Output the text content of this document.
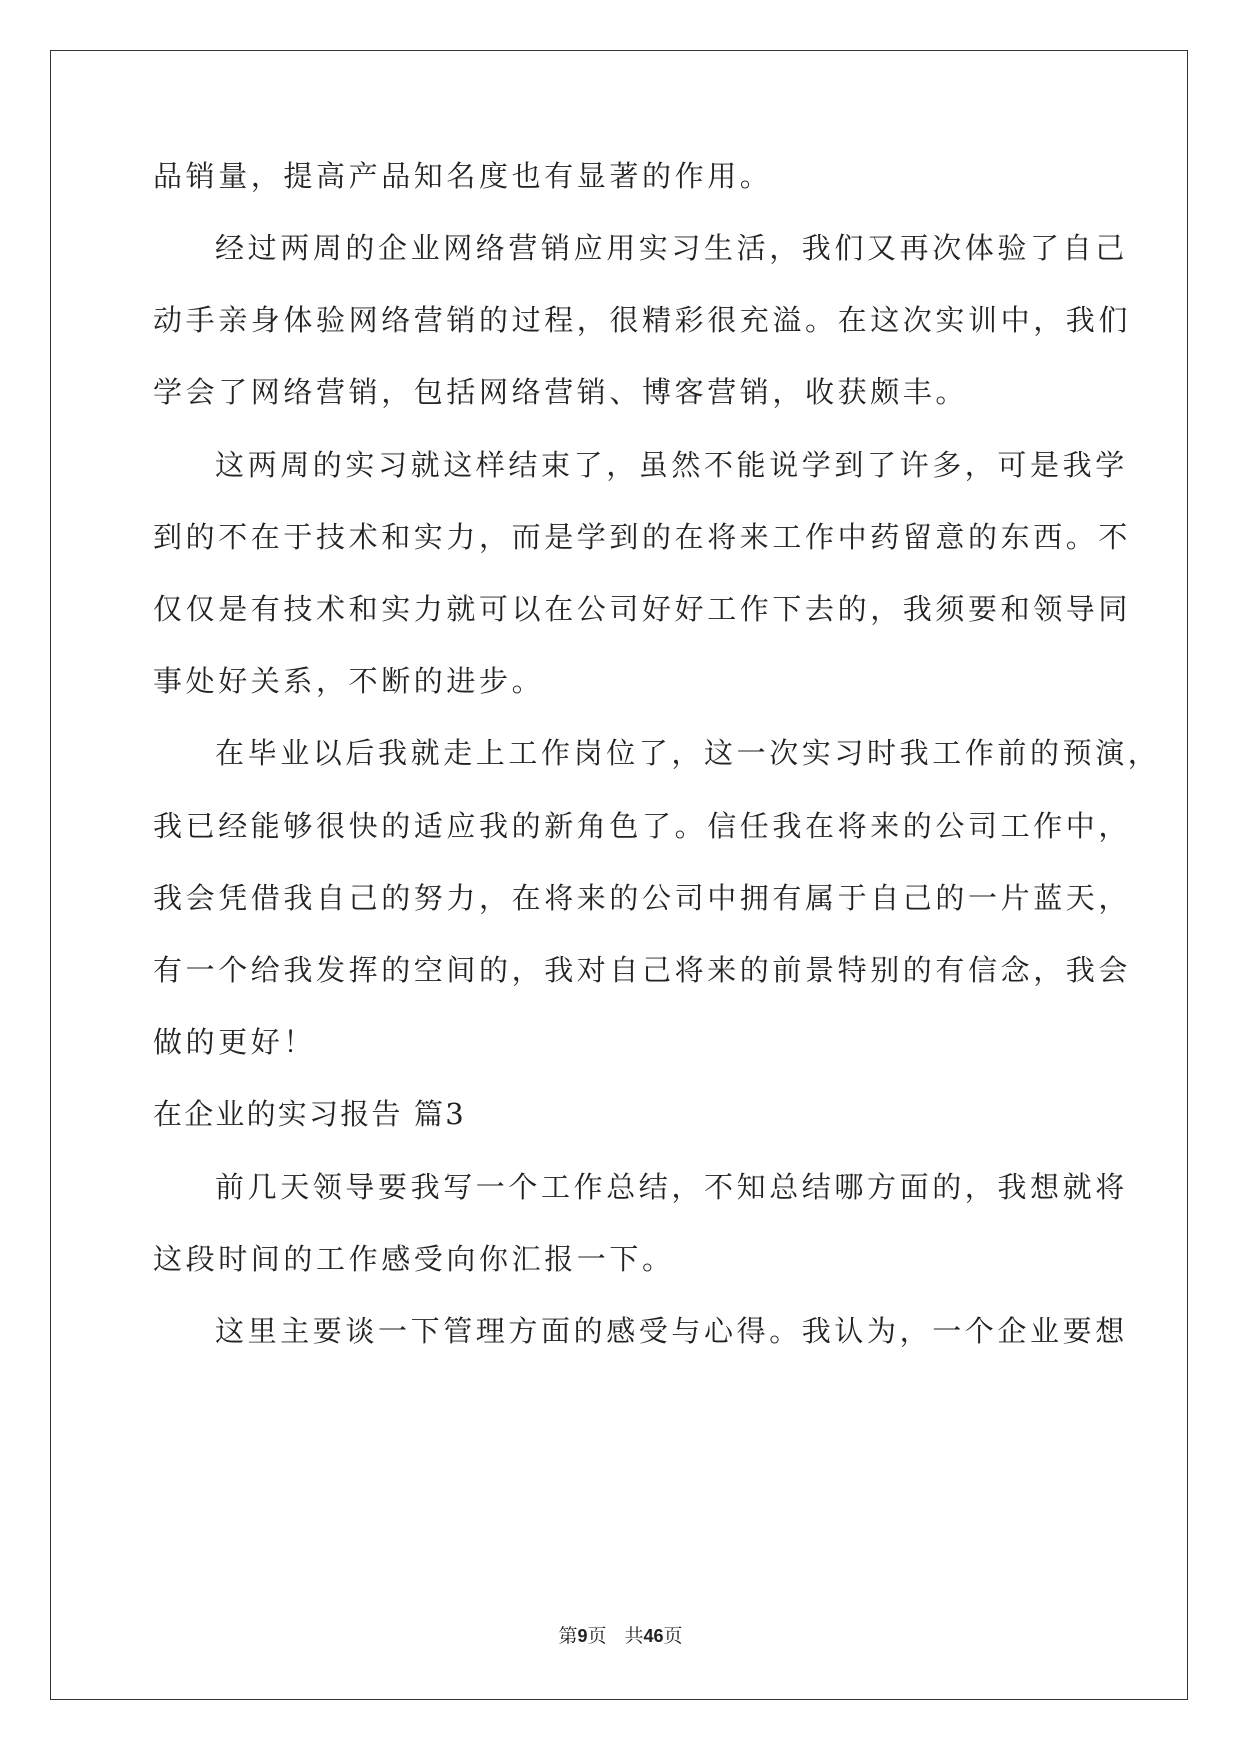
品销量，提高产品知名度也有显著的作用。
经过两周的企业网络营销应用实习生活，我们又再次体验了自己
动手亲身体验网络营销的过程，很精彩很充溢。在这次实训中，我们
学会了网络营销，包括网络营销、博客营销，收获颇丰。
这两周的实习就这样结束了，虽然不能说学到了许多，可是我学
到的不在于技术和实力，而是学到的在将来工作中药留意的东西。不
仅仅是有技术和实力就可以在公司好好工作下去的，我须要和领导同
事处好关系，不断的进步。
在毕业以后我就走上工作岗位了，这一次实习时我工作前的预演，
我已经能够很快的适应我的新角色了。信任我在将来的公司工作中，
我会凭借我自己的努力，在将来的公司中拥有属于自己的一片蓝天，
有一个给我发挥的空间的，我对自己将来的前景特别的有信念，我会
做的更好！
在企业的实习报告 篇3
前几天领导要我写一个工作总结，不知总结哪方面的，我想就将
这段时间的工作感受向你汇报一下。
这里主要谈一下管理方面的感受与心得。我认为，一个企业要想
第9页 共46页
